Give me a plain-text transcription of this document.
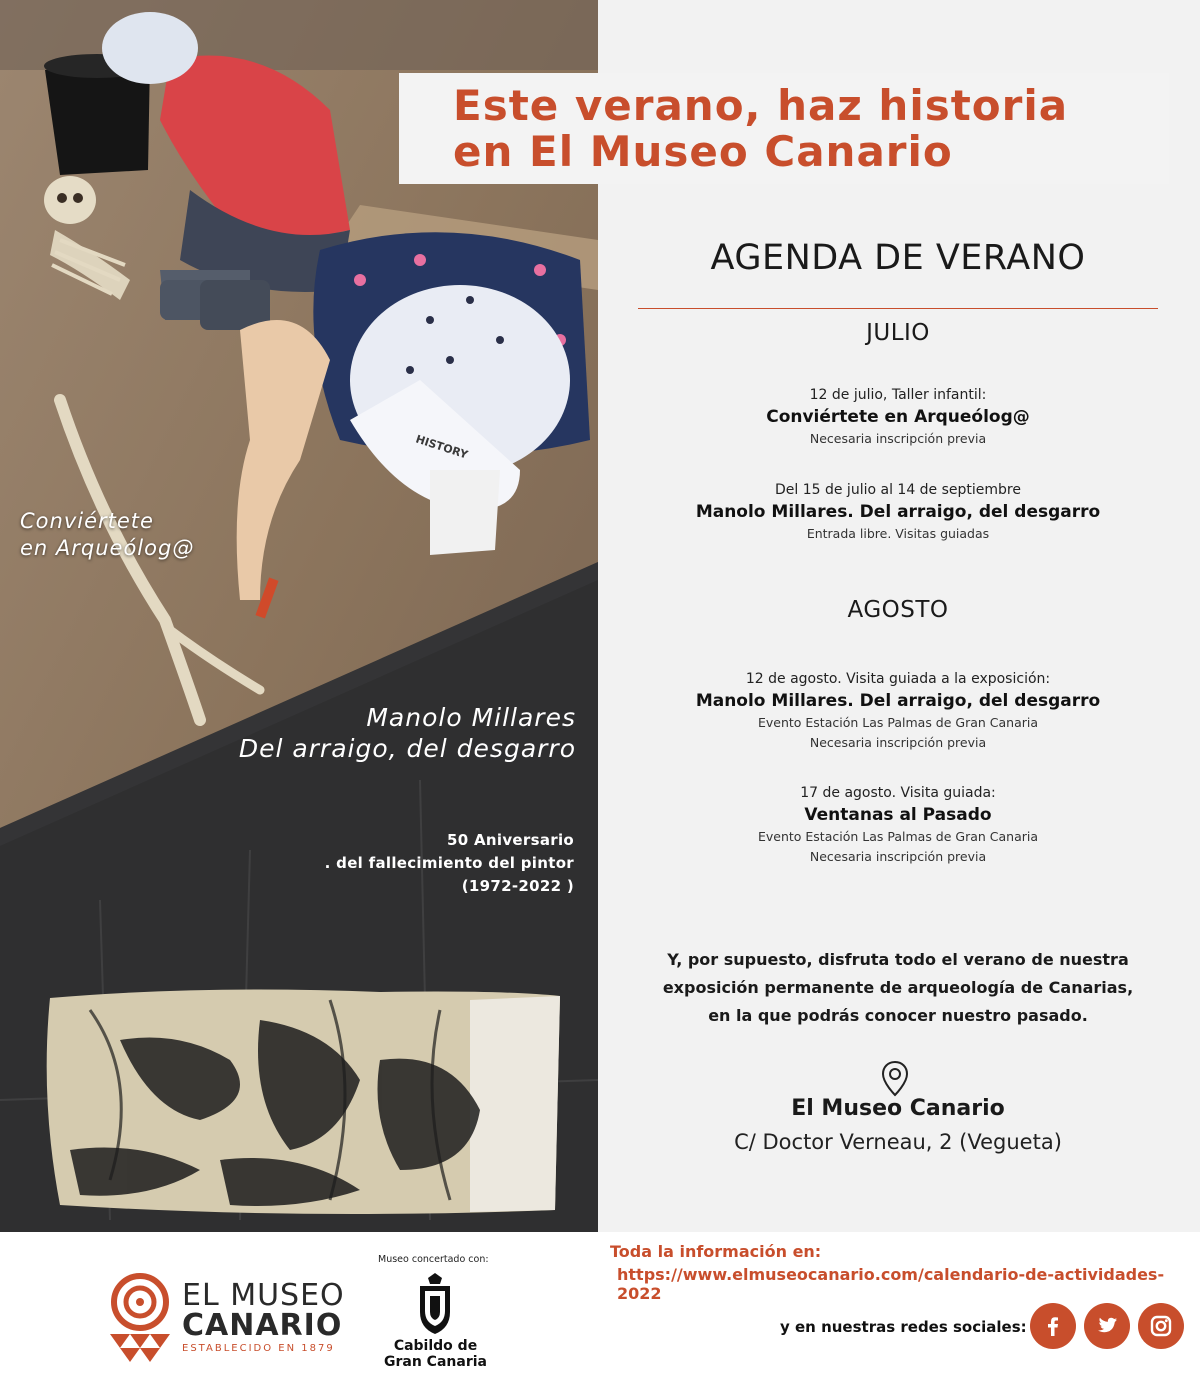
HISTORY
Conviértete
en Arqueólog@
Manolo Millares
Del arraigo, del desgarro
50 Aniversario
. del fallecimiento del pintor
(1972-2022 )
Este verano, haz historia
en El Museo Canario
AGENDA DE VERANO
JULIO
12 de julio, Taller infantil:
Conviértete en Arqueólog@
Necesaria inscripción previa
Del 15 de julio al 14 de septiembre
Manolo Millares. Del arraigo, del desgarro
Entrada libre. Visitas guiadas
AGOSTO
12 de agosto. Visita guiada a la exposición:
Manolo Millares. Del arraigo, del desgarro
Evento Estación Las Palmas de Gran Canaria
Necesaria inscripción previa
17 de agosto. Visita guiada:
Ventanas al Pasado
Evento Estación Las Palmas de Gran Canaria
Necesaria inscripción previa
Y, por supuesto, disfruta todo el verano de nuestra
exposición permanente de arqueología de Canarias,
en la que podrás conocer nuestro pasado.
El Museo Canario
C/ Doctor Verneau, 2 (Vegueta)
EL MUSEO
CANARIO
ESTABLECIDO EN 1879
Museo concertado con:
Cabildo de
Gran Canaria
Toda la información en:
https://www.elmuseocanario.com/calendario-de-actividades-2022
y en nuestras redes sociales:
